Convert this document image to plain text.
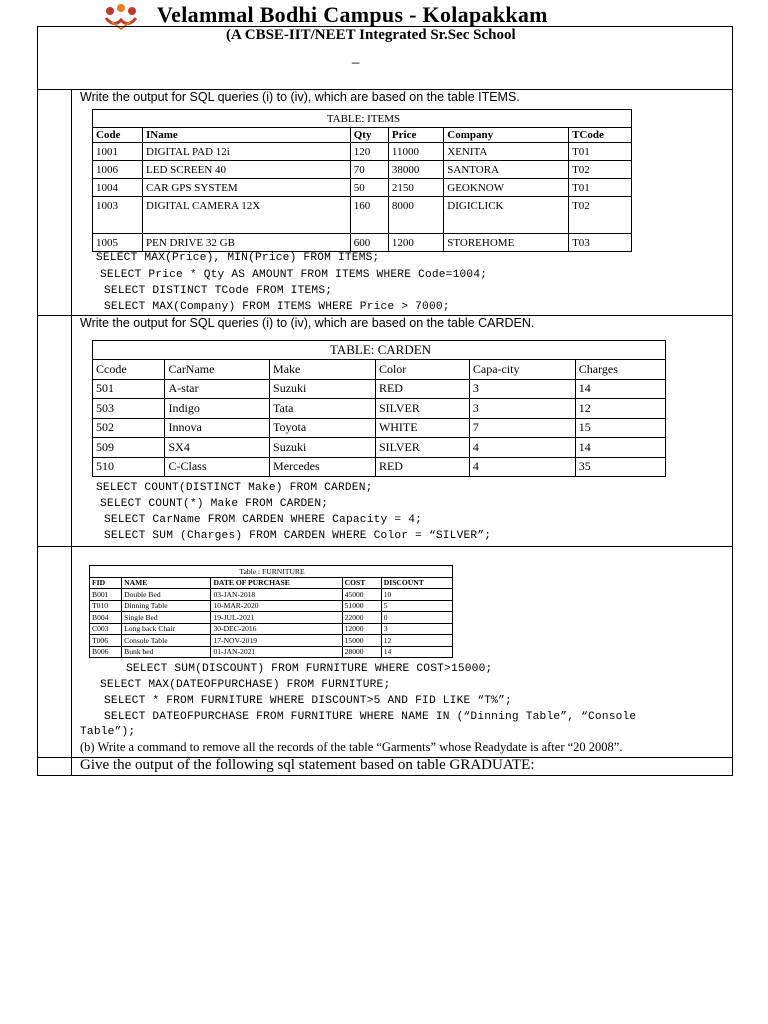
Velammal Bodhi Campus - Kolapakkam
(A CBSE-IIT/NEET Integrated Sr.Sec School
_
Write the output for SQL queries (i) to (iv), which are based on the table ITEMS.
TABLE: ITEMS					
Code	IName	Qty	Price	Company	TCode
1001	DIGITAL PAD 12i	120	11000	XENITA	T01
1006	LED SCREEN 40	70	38000	SANTORA	T02
1004	CAR GPS SYSTEM	50	2150	GEOKNOW	T01
1003	DIGITAL CAMERA 12X	160	8000	DIGICLICK	T02
1005	PEN DRIVE 32 GB	600	1200	STOREHOME	T03
SELECT MAX(Price), MIN(Price) FROM ITEMS;
SELECT Price * Qty AS AMOUNT FROM ITEMS WHERE Code=1004;
SELECT DISTINCT TCode FROM ITEMS;
SELECT MAX(Company) FROM ITEMS WHERE Price > 7000;
Write the output for SQL queries (i) to (iv), which are based on the table CARDEN.
TABLE: CARDEN					
Ccode	CarName	Make	Color	Capa-city	Charges
501	A-star	Suzuki	RED	3	14
503	Indigo	Tata	SILVER	3	12
502	Innova	Toyota	WHITE	7	15
509	SX4	Suzuki	SILVER	4	14
510	C-Class	Mercedes	RED	4	35
SELECT COUNT(DISTINCT Make) FROM CARDEN;
SELECT COUNT(*) Make FROM CARDEN;
SELECT CarName FROM CARDEN WHERE Capacity = 4;
SELECT SUM (Charges) FROM CARDEN WHERE Color = “SILVER”;
Table : FURNITURE				
FID	NAME	DATE OF PURCHASE	COST	DISCOUNT
B001	Double Bed	03-JAN-2018	45000	10
T010	Dinning Table	10-MAR-2020	51000	5
B004	Single Bed	19-JUL-2021	22000	0
C003	Long back Chair	30-DEC-2016	12000	3
T006	Console Table	17-NOV-2019	15000	12
B006	Bunk bed	01-JAN-2021	28000	14
SELECT SUM(DISCOUNT) FROM FURNITURE WHERE COST>15000;
SELECT MAX(DATEOFPURCHASE) FROM FURNITURE;
SELECT * FROM FURNITURE WHERE DISCOUNT>5 AND FID LIKE “T%”;
SELECT DATEOFPURCHASE FROM FURNITURE WHERE NAME IN (“Dinning Table”, “Console
Table”);
(b) Write a command to remove all the records of the table “Garments” whose Readydate is after “20 2008”.
Give the output of the following sql statement based on table GRADUATE:
